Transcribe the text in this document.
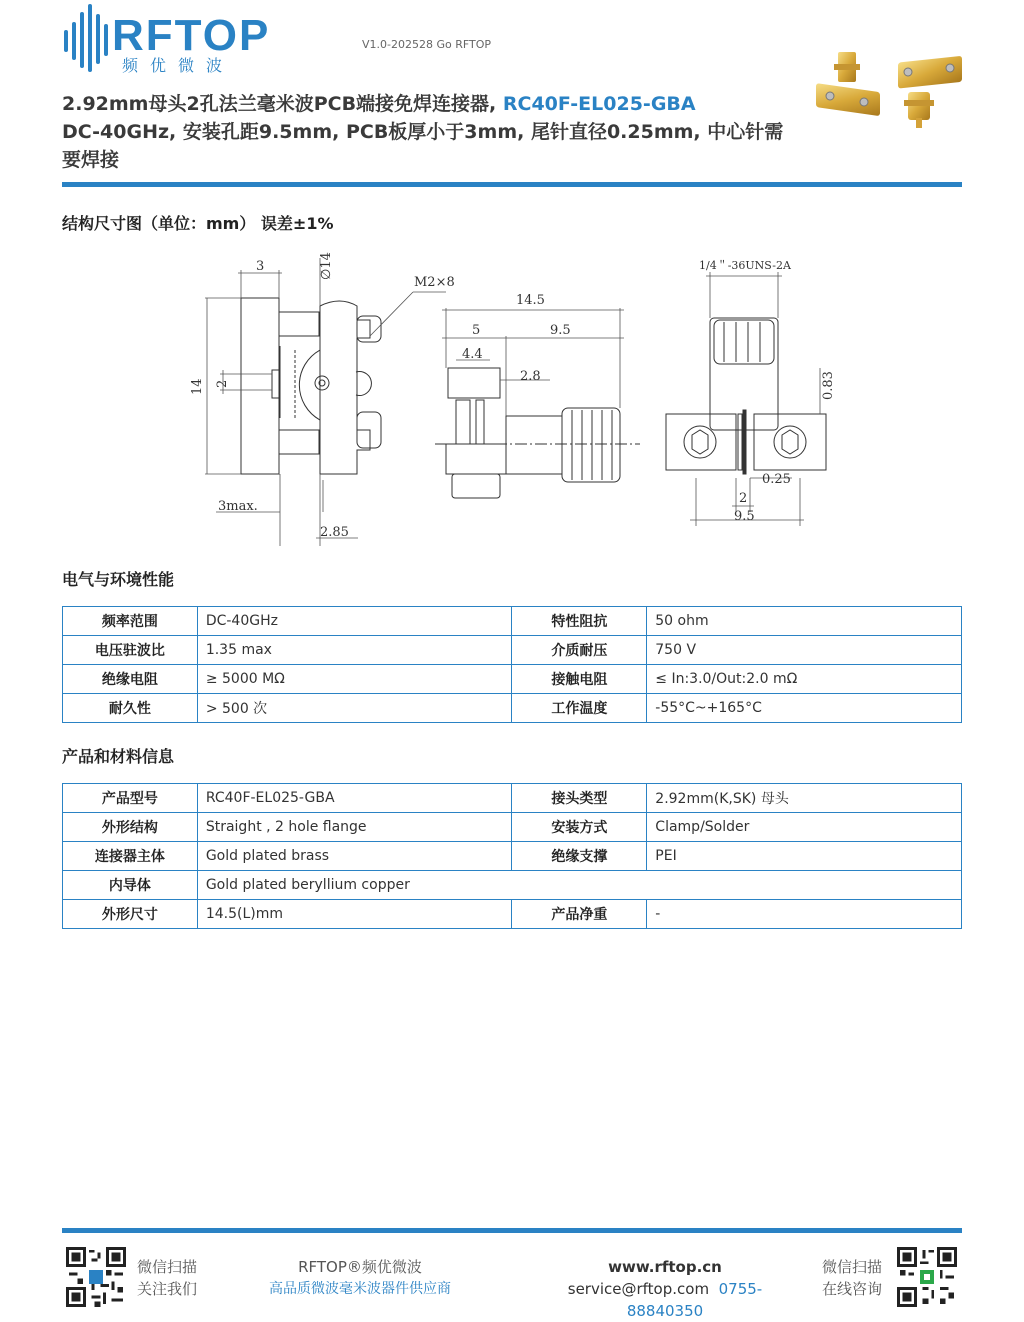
RFTOP
频优微波
V1.0-202528 Go RFTOP
2.92mm母头2孔法兰毫米波PCB端接免焊连接器, RC40F-EL025-GBA
DC-40GHz, 安装孔距9.5mm, PCB板厚小于3mm, 尾针直径0.25mm, 中心针需
要焊接
结构尺寸图（单位：mm） 误差±1%
3	∅14
M2×8
14 2
3max.
2.85
14.5
5	9.5
4.4
2.8
1/4＂-36UNS-2A
0.83
0.25
2
9.5
电气与环境性能
频率范围	DC-40GHz	特性阻抗	50 ohm
电压驻波比	1.35 max	介质耐压	750 V
绝缘电阻	≥ 5000 MΩ	接触电阻	≤ In:3.0/Out:2.0 mΩ
耐久性	> 500 次	工作温度	-55°C~+165°C
产品和材料信息
产品型号	RC40F-EL025-GBA	接头类型	2.92mm(K,SK) 母头
外形结构	Straight , 2 hole flange	安装方式	Clamp/Solder
连接器主体	Gold plated brass	绝缘支撑	PEI
内导体	Gold plated beryllium copper		
外形尺寸	14.5(L)mm	产品净重	-
微信扫描
关注我们
RFTOP®频优微波
高品质微波毫米波器件供应商
www.rftop.cn
service@rftop.com 0755-88840350
微信扫描
在线咨询
